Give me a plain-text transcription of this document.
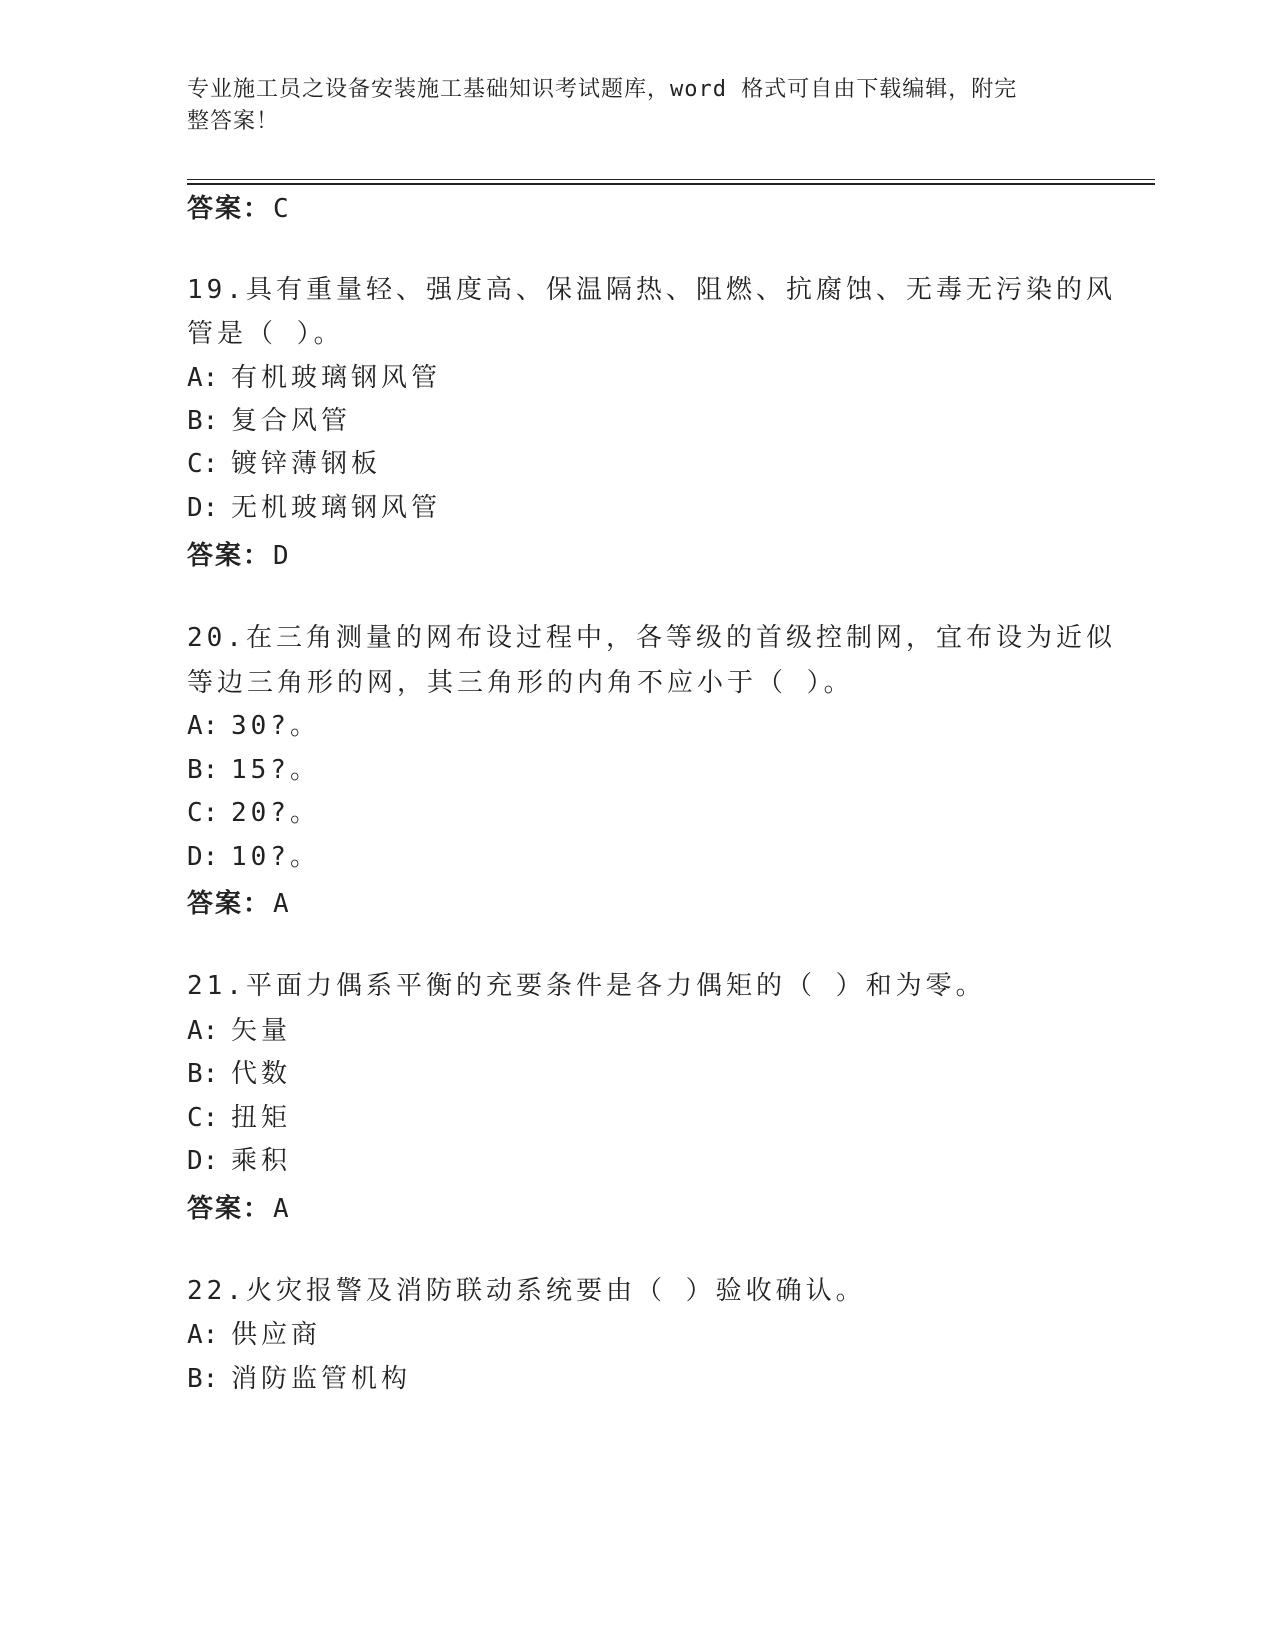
专业施工员之设备安装施工基础知识考试题库，word 格式可自由下载编辑，附完
整答案！
答案：C
19.具有重量轻、强度高、保温隔热、阻燃、抗腐蚀、无毒无污染的风
管是（ ）。
A: 有机玻璃钢风管
B: 复合风管
C: 镀锌薄钢板
D: 无机玻璃钢风管
答案：D
20.在三角测量的网布设过程中，各等级的首级控制网，宜布设为近似
等边三角形的网，其三角形的内角不应小于（ ）。
A: 30?。
B: 15?。
C: 20?。
D: 10?。
答案：A
21.平面力偶系平衡的充要条件是各力偶矩的（ ）和为零。
A: 矢量
B: 代数
C: 扭矩
D: 乘积
答案：A
22.火灾报警及消防联动系统要由（ ）验收确认。
A: 供应商
B: 消防监管机构
